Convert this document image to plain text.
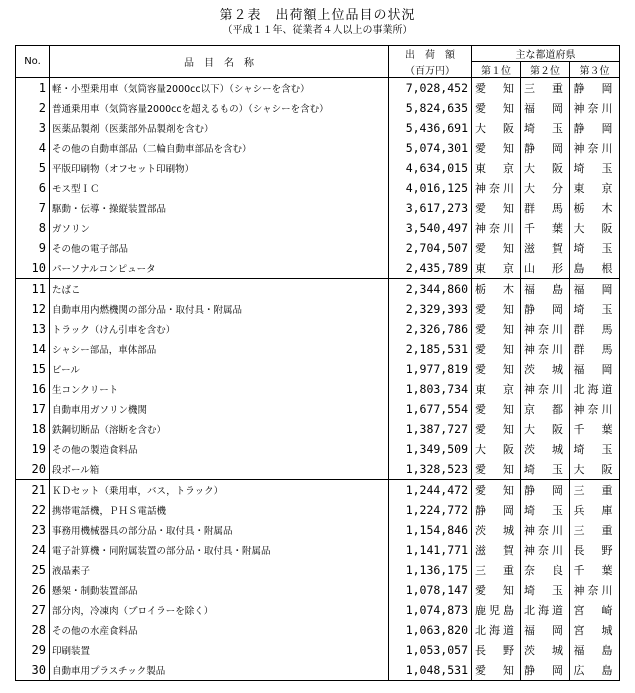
第２表　出荷額上位品目の状況
（平成１１年、従業者４人以上の事業所）
No.	品　目　名　称	出　荷　額	主な都道府県		
		（百万円）	第１位	第２位	第３位
1	軽・小型乗用車（気筒容量2000cc以下）（シャシーを含む）	7,028,452	愛　知	三　重	静　岡
2	普通乗用車（気筒容量2000ccを超えるもの）（シャシーを含む）	5,824,635	愛　知	福　岡	神奈川
3	医薬品製剤（医薬部外品製剤を含む）	5,436,691	大　阪	埼　玉	静　岡
4	その他の自動車部品（二輪自動車部品を含む）	5,074,301	愛　知	静　岡	神奈川
5	平版印刷物（オフセット印刷物）	4,634,015	東　京	大　阪	埼　玉
6	モス型ＩＣ	4,016,125	神奈川	大　分	東　京
7	駆動・伝導・操縦装置部品	3,617,273	愛　知	群　馬	栃　木
8	ガソリン	3,540,497	神奈川	千　葉	大　阪
9	その他の電子部品	2,704,507	愛　知	滋　賀	埼　玉
10	パーソナルコンピュータ	2,435,789	東　京	山　形	島　根
11	たばこ	2,344,860	栃　木	福　島	福　岡
12	自動車用内燃機関の部分品・取付具・附属品	2,329,393	愛　知	静　岡	埼　玉
13	トラック（けん引車を含む）	2,326,786	愛　知	神奈川	群　馬
14	シャシー部品，車体部品	2,185,531	愛　知	神奈川	群　馬
15	ビール	1,977,819	愛　知	茨　城	福　岡
16	生コンクリート	1,803,734	東　京	神奈川	北海道
17	自動車用ガソリン機関	1,677,554	愛　知	京　都	神奈川
18	鉄鋼切断品（溶断を含む）	1,387,727	愛　知	大　阪	千　葉
19	その他の製造食料品	1,349,509	大　阪	茨　城	埼　玉
20	段ボール箱	1,328,523	愛　知	埼　玉	大　阪
21	ＫＤセット（乗用車，バス，トラック）	1,244,472	愛　知	静　岡	三　重
22	携帯電話機，ＰＨＳ電話機	1,224,772	静　岡	埼　玉	兵　庫
23	事務用機械器具の部分品・取付具・附属品	1,154,846	茨　城	神奈川	三　重
24	電子計算機・同附属装置の部分品・取付具・附属品	1,141,771	滋　賀	神奈川	長　野
25	液晶素子	1,136,175	三　重	奈　良	千　葉
26	懸架・制動装置部品	1,078,147	愛　知	埼　玉	神奈川
27	部分肉，冷凍肉（ブロイラーを除く）	1,074,873	鹿児島	北海道	宮　崎
28	その他の水産食料品	1,063,820	北海道	福　岡	宮　城
29	印刷装置	1,053,057	長　野	茨　城	福　島
30	自動車用プラスチック製品	1,048,531	愛　知	静　岡	広　島
